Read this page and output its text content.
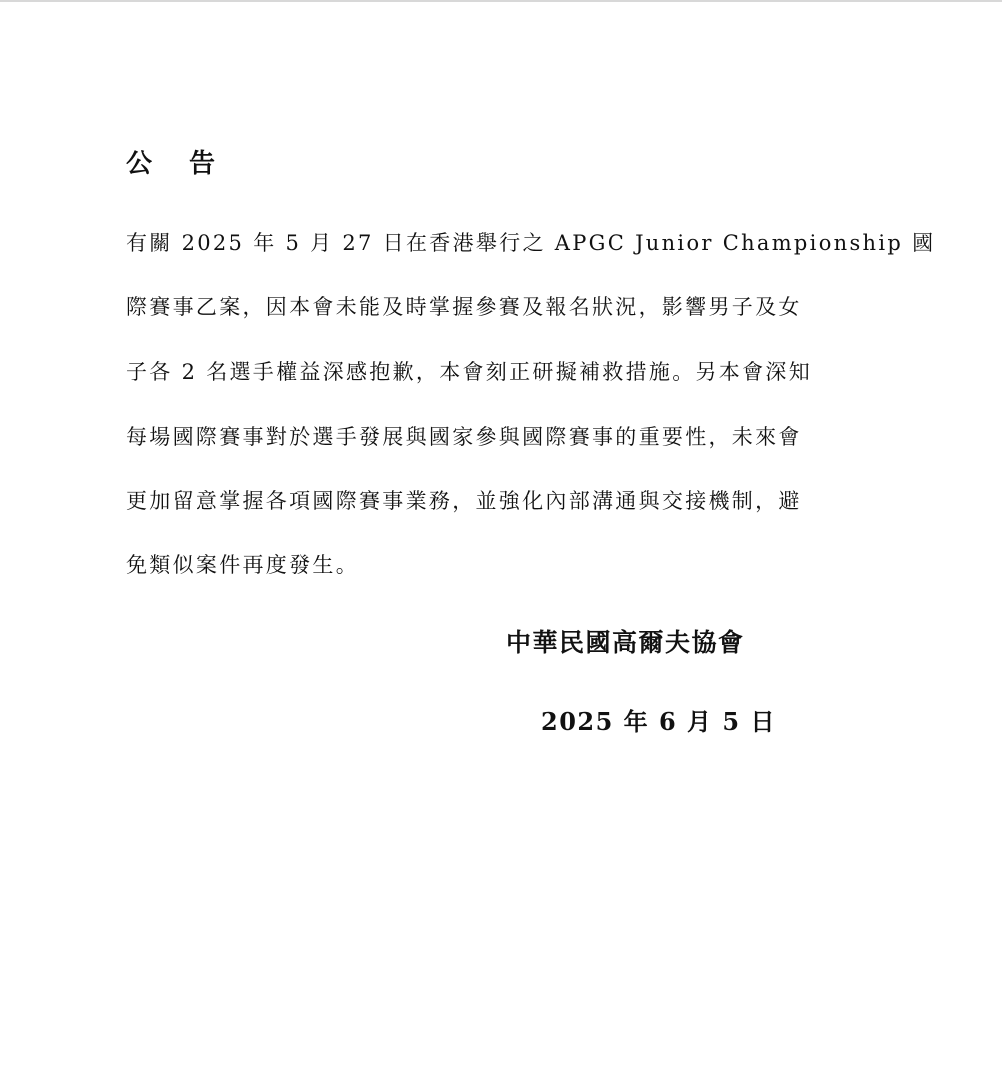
公 告
有關 2025 年 5 月 27 日在香港舉行之 APGC Junior Championship 國
際賽事乙案，因本會未能及時掌握參賽及報名狀況，影響男子及女
子各 2 名選手權益深感抱歉，本會刻正研擬補救措施。另本會深知
每場國際賽事對於選手發展與國家參與國際賽事的重要性，未來會
更加留意掌握各項國際賽事業務，並強化內部溝通與交接機制，避
免類似案件再度發生。
中華民國高爾夫協會
2025 年 6 月 5 日
